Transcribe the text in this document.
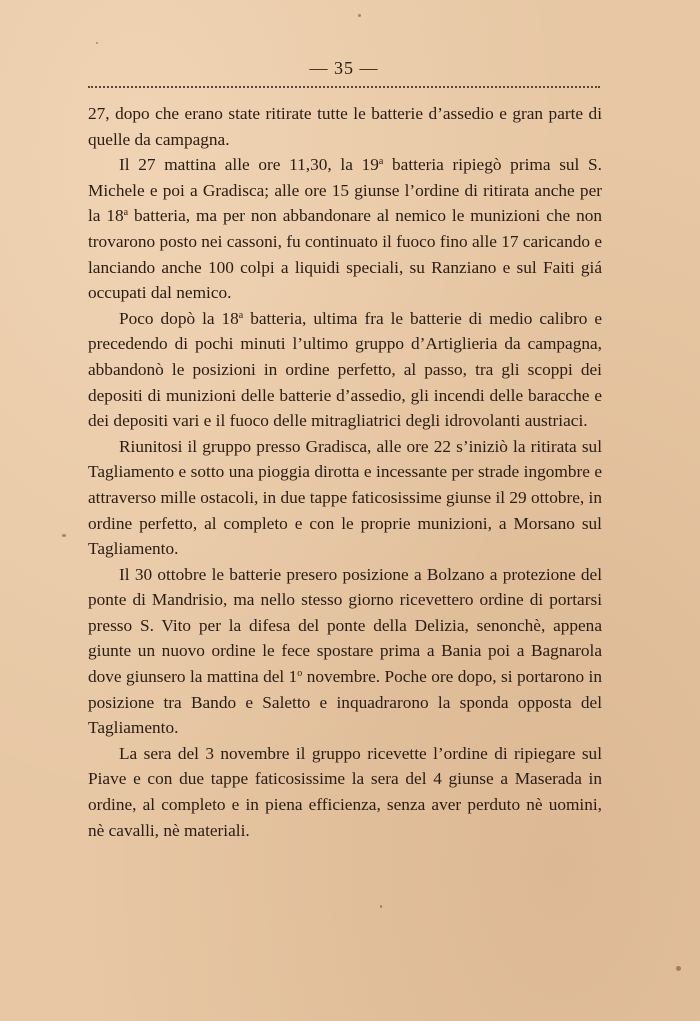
— 35 —

27, dopo che erano state ritirate tutte le batterie d’assedio e gran parte di quelle da campagna.

Il 27 mattina alle ore 11,30, la 19$^a$ batteria ripiegò prima sul S. Michele e poi a Gradisca; alle ore 15 giunse l’ordine di ritirata anche per la 18$^a$ batteria, ma per non abbandonare al nemico le munizioni che non trovarono posto nei cassoni, fu continuato il fuoco fino alle 17 caricando e lanciando anche 100 colpi a liquidi speciali, su Ranziano e sul Faiti giá occupati dal nemico.

Poco dopò la 18$^a$ batteria, ultima fra le batterie di medio calibro e precedendo di pochi minuti l’ultimo gruppo d’Artiglieria da campagna, abbandonò le posizioni in ordine perfetto, al passo, tra gli scoppi dei depositi di munizioni delle batterie d’assedio, gli incendi delle baracche e dei depositi vari e il fuoco delle mitragliatrici degli idrovolanti austriaci.

Riunitosi il gruppo presso Gradisca, alle ore 22 s’iniziò la ritirata sul Tagliamento e sotto una pioggia dirotta e incessante per strade ingombre e attraverso mille ostacoli, in due tappe faticosissime giunse il 29 ottobre, in ordine perfetto, al completo e con le proprie munizioni, a Morsano sul Tagliamento.

Il 30 ottobre le batterie presero posizione a Bolzano a protezione del ponte di Mandrisio, ma nello stesso giorno ricevettero ordine di portarsi presso S. Vito per la difesa del ponte della Delizia, senonchè, appena giunte un nuovo ordine le fece spostare prima a Bania poi a Bagnarola dove giunsero la mattina del 1$^o$ novembre. Poche ore dopo, si portarono in posizione tra Bando e Saletto e inquadrarono la sponda opposta del Tagliamento.

La sera del 3 novembre il gruppo ricevette l’ordine di ripiegare sul Piave e con due tappe faticosissime la sera del 4 giunse a Maserada in ordine, al completo e in piena efficienza, senza aver perduto nè uomini, nè cavalli, nè materiali.
